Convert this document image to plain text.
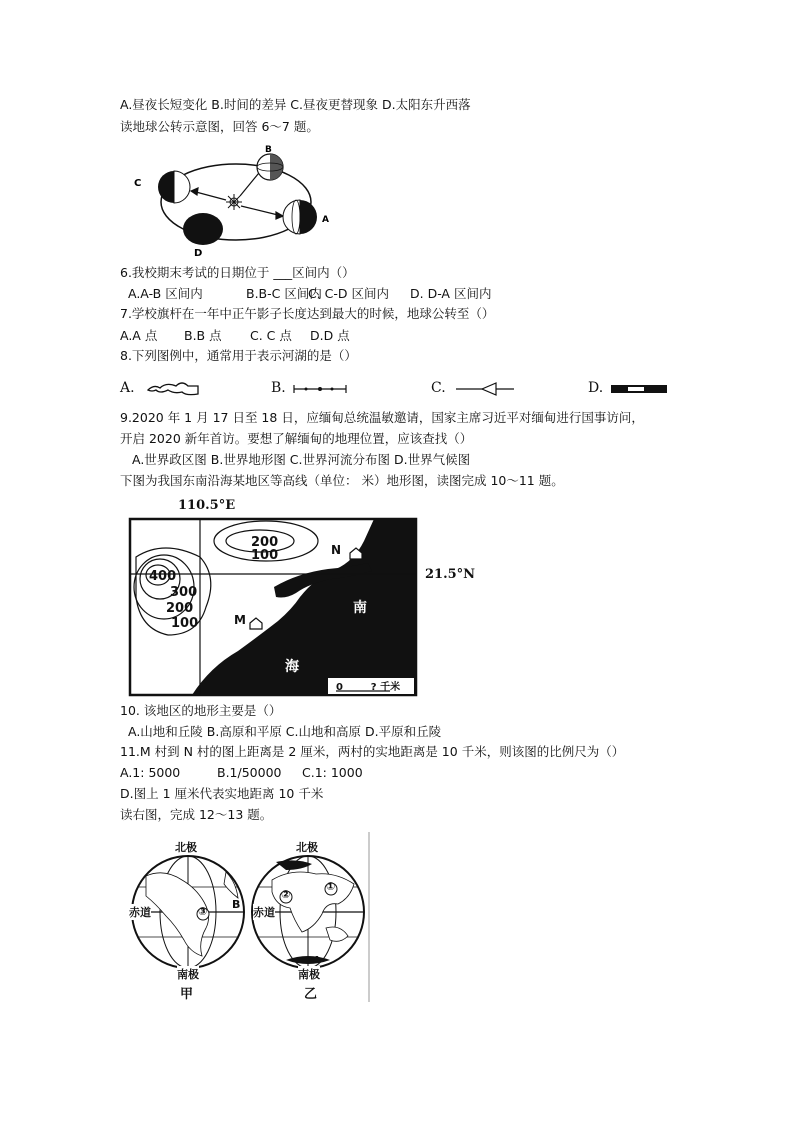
A.昼夜长短变化 B.时间的差异 C.昼夜更替现象 D.太阳东升西落
读地球公转示意图，回答 6～7 题。
B
C
A
D
6.我校期末考试的日期位于 ___区间内（）
A.A-B 区间内	B.B-C 区间内
C. C-D 区间内 D. D-A 区间内
7.学校旗杆在一年中正午影子长度达到最大的时候，地球公转至（）
A.A 点 B.B 点 C. C 点 D.D 点
8.下列图例中，通常用于表示河湖的是（）
A.	B.	C.	D.
9.2020 年 1 月 17 日至 18 日，应缅甸总统温敏邀请，国家主席习近平对缅甸进行国事访问，
开启 2020 新年首访。要想了解缅甸的地理位置，应该查找（）
A.世界政区图 B.世界地形图 C.世界河流分布图 D.世界气候图
下图为我国东南沿海某地区等高线（单位： 米）地形图，读图完成 10～11 题。
110.5°E
21.5°N
200
100
400
300
200
100
N
M
南
海
0        ? 千米
10. 该地区的地形主要是（）
A.山地和丘陵 B.高原和平原 C.山地和高原 D.平原和丘陵
11.M 村到 N 村的图上距离是 2 厘米，两村的实地距离是 10 千米，则该图的比例尺为（）
A.1: 5000	B.1/50000 C.1: 1000
D.图上 1 厘米代表实地距离 10 千米
读右图，完成 12～13 题。
北极	北极
赤道	赤道
③
②
①
B
A
南极	南极
甲	乙
